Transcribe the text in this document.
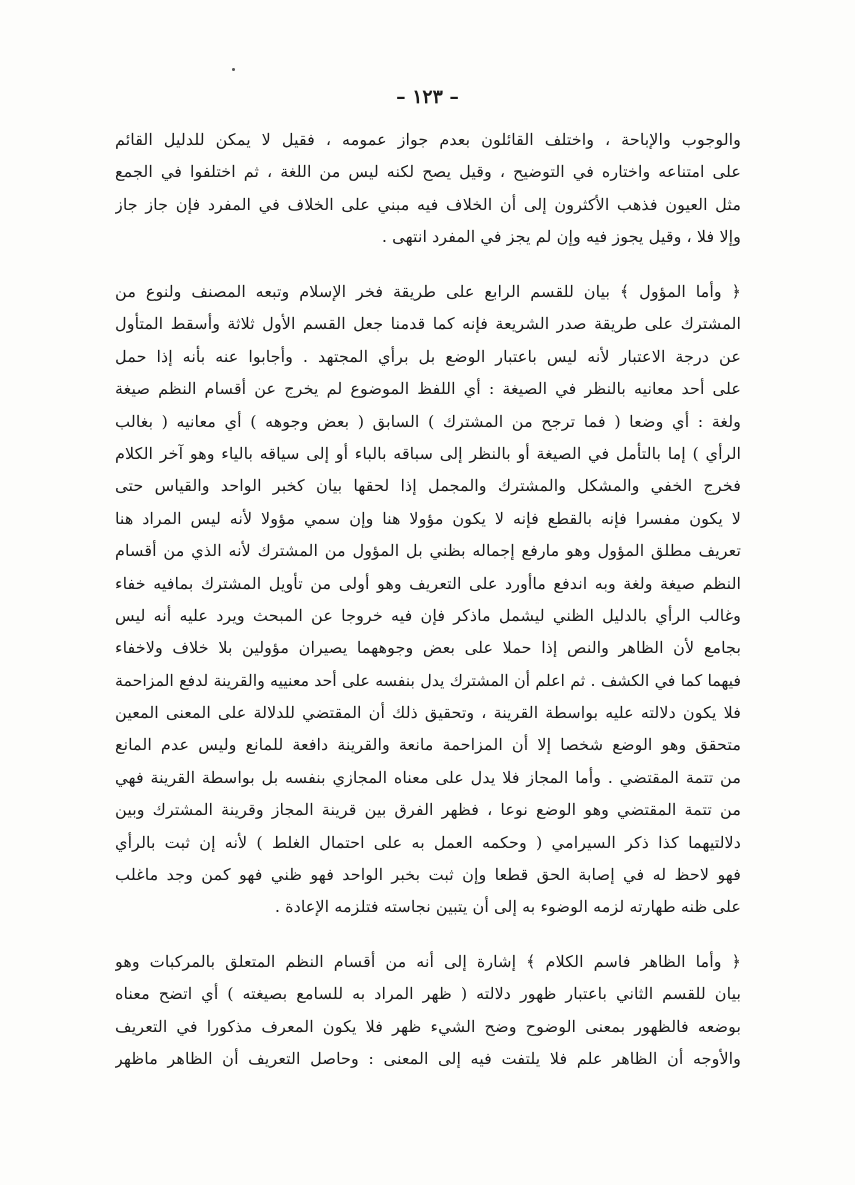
– ١٢٣ –
والوجوب والإباحة ، واختلف القائلون بعدم جواز عمومه ، فقيل لا يمكن للدليل القائم
على امتناعه واختاره في التوضيح ، وقيل يصح لكنه ليس من اللغة ، ثم اختلفوا في الجمع
مثل العيون فذهب الأكثرون إلى أن الخلاف فيه مبني على الخلاف في المفرد فإن جاز جاز
وإلا فلا ، وقيل يجوز فيه وإن لم يجز في المفرد انتهى .
﴿ وأما المؤول ﴾ بيان للقسم الرابع على طريقة فخر الإسلام وتبعه المصنف ولنوع من
المشترك على طريقة صدر الشريعة فإنه كما قدمنا جعل القسم الأول ثلاثة وأسقط المتأول
عن درجة الاعتبار لأنه ليس باعتبار الوضع بل برأي المجتهد . وأجابوا عنه بأنه إذا حمل
على أحد معانيه بالنظر في الصيغة : أي اللفظ الموضوع لم يخرج عن أقسام النظم صيغة
ولغة : أي وضعا ( فما ترجح من المشترك ) السابق ( بعض وجوهه ) أي معانيه ( بغالب
الرأي ) إما بالتأمل في الصيغة أو بالنظر إلى سباقه بالباء أو إلى سياقه بالياء وهو آخر الكلام
فخرج الخفي والمشكل والمشترك والمجمل إذا لحقها بيان كخبر الواحد والقياس حتى
لا يكون مفسرا فإنه بالقطع فإنه لا يكون مؤولا هنا وإن سمي مؤولا لأنه ليس المراد هنا
تعريف مطلق المؤول وهو مارفع إجماله بظني بل المؤول من المشترك لأنه الذي من أقسام
النظم صيغة ولغة وبه اندفع ماأورد على التعريف وهو أولى من تأويل المشترك بمافيه خفاء
وغالب الرأي بالدليل الظني ليشمل ماذكر فإن فيه خروجا عن المبحث ويرد عليه أنه ليس
بجامع لأن الظاهر والنص إذا حملا على بعض وجوههما يصيران مؤولين بلا خلاف ولاخفاء
فيهما كما في الكشف . ثم اعلم أن المشترك يدل بنفسه على أحد معنييه والقرينة لدفع المزاحمة
فلا يكون دلالته عليه بواسطة القرينة ، وتحقيق ذلك أن المقتضي للدلالة على المعنى المعين
متحقق وهو الوضع شخصا إلا أن المزاحمة مانعة والقرينة دافعة للمانع وليس عدم المانع
من تتمة المقتضي . وأما المجاز فلا يدل على معناه المجازي بنفسه بل بواسطة القرينة فهي
من تتمة المقتضي وهو الوضع نوعا ، فظهر الفرق بين قرينة المجاز وقرينة المشترك وبين
دلالتيهما كذا ذكر السيرامي ( وحكمه العمل به على احتمال الغلط ) لأنه إن ثبت بالرأي
فهو لاحظ له في إصابة الحق قطعا وإن ثبت بخبر الواحد فهو ظني فهو كمن وجد ماغلب
على ظنه طهارته لزمه الوضوء به إلى أن يتبين نجاسته فتلزمه الإعادة .
﴿ وأما الظاهر فاسم الكلام ﴾ إشارة إلى أنه من أقسام النظم المتعلق بالمركبات وهو
بيان للقسم الثاني باعتبار ظهور دلالته ( ظهر المراد به للسامع بصيغته ) أي اتضح معناه
بوضعه فالظهور بمعنى الوضوح وضح الشيء ظهر فلا يكون المعرف مذكورا في التعريف
والأوجه أن الظاهر علم فلا يلتفت فيه إلى المعنى : وحاصل التعريف أن الظاهر ماظهر
